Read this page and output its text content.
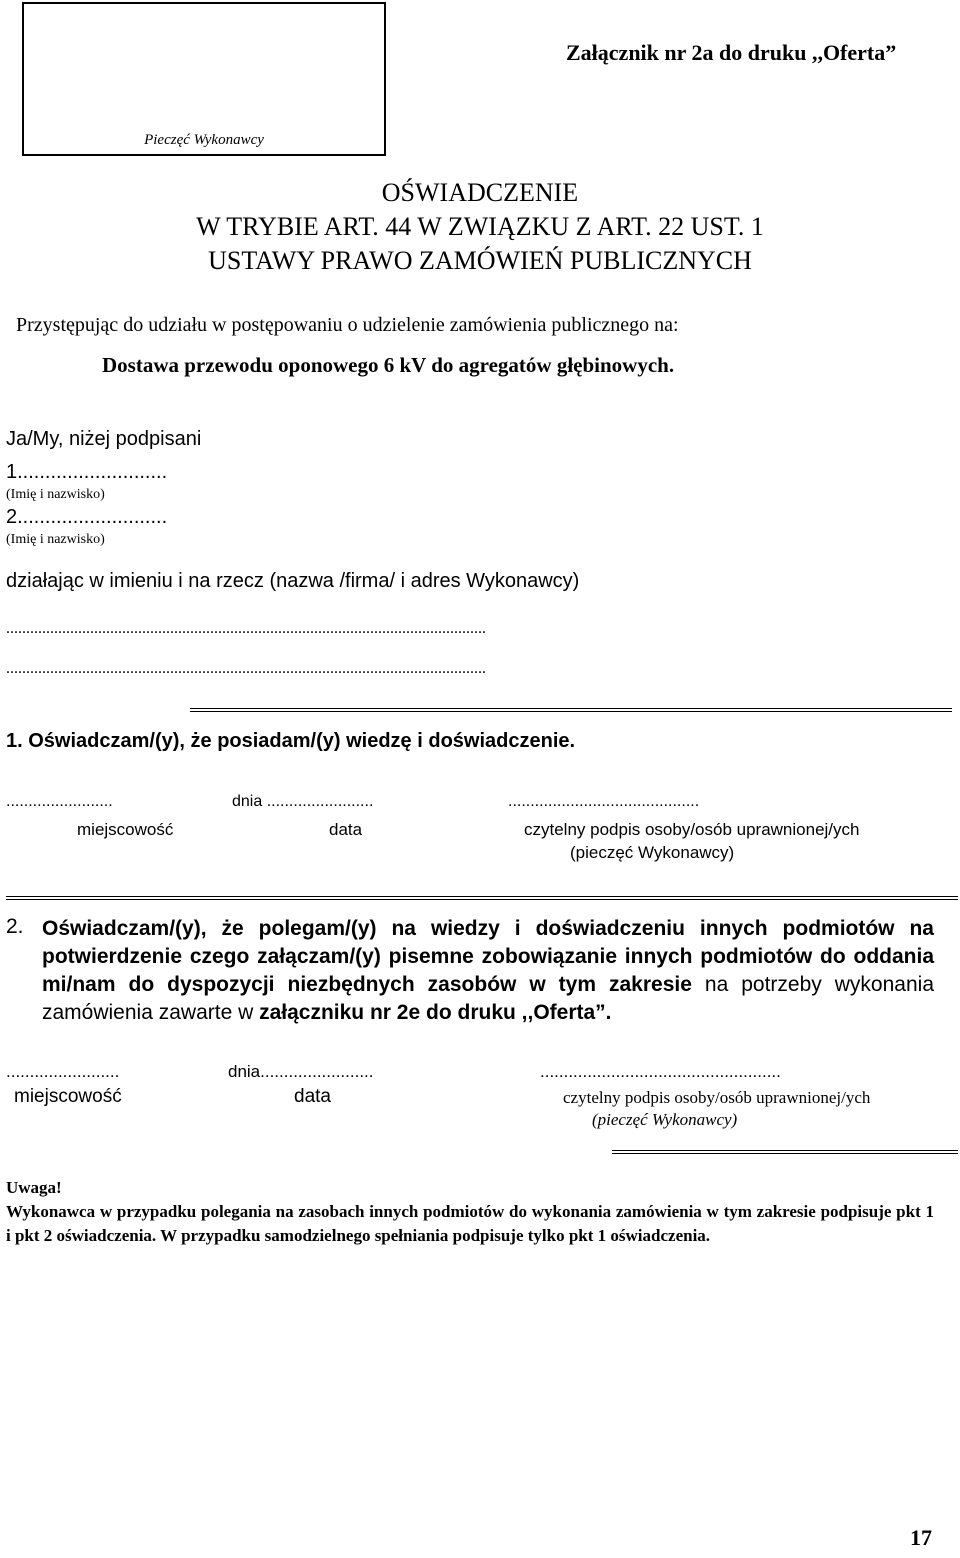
Pieczęć Wykonawcy
Załącznik nr 2a do druku ,,Oferta”
OŚWIADCZENIE
W TRYBIE ART. 44 W ZWIĄZKU Z ART. 22 UST. 1
USTAWY PRAWO ZAMÓWIEŃ PUBLICZNYCH
Przystępując do udziału w postępowaniu o udzielenie zamówienia publicznego na:
Dostawa przewodu oponowego 6 kV do agregatów głębinowych.
Ja/My, niżej podpisani
1...........................
(Imię i nazwisko)
2...........................
(Imię i nazwisko)
działając w imieniu i na rzecz (nazwa /firma/ i adres Wykonawcy)
........................................................................................................................
........................................................................................................................
1. Oświadczam/(y), że posiadam/(y) wiedzę i doświadczenie.
........................	dnia ........................	...........................................
miejscowość	data	czytelny podpis osoby/osób uprawnionej/ych
(pieczęć Wykonawcy)
2. Oświadczam/(y), że polegam/(y) na wiedzy i doświadczeniu innych podmiotów na potwierdzenie czego załączam/(y) pisemne zobowiązanie innych podmiotów do oddania mi/nam do dyspozycji niezbędnych zasobów w tym zakresie na potrzeby wykonania zamówienia zawarte w załączniku nr 2e do druku ,,Oferta”.
........................	dnia........................	...................................................
miejscowość	data	czytelny podpis osoby/osób uprawnionej/ych
(pieczęć Wykonawcy)
Uwaga!
Wykonawca w przypadku polegania na zasobach innych podmiotów do wykonania zamówienia w tym zakresie podpisuje pkt 1 i pkt 2 oświadczenia. W przypadku samodzielnego spełniania podpisuje tylko pkt 1 oświadczenia.
17
